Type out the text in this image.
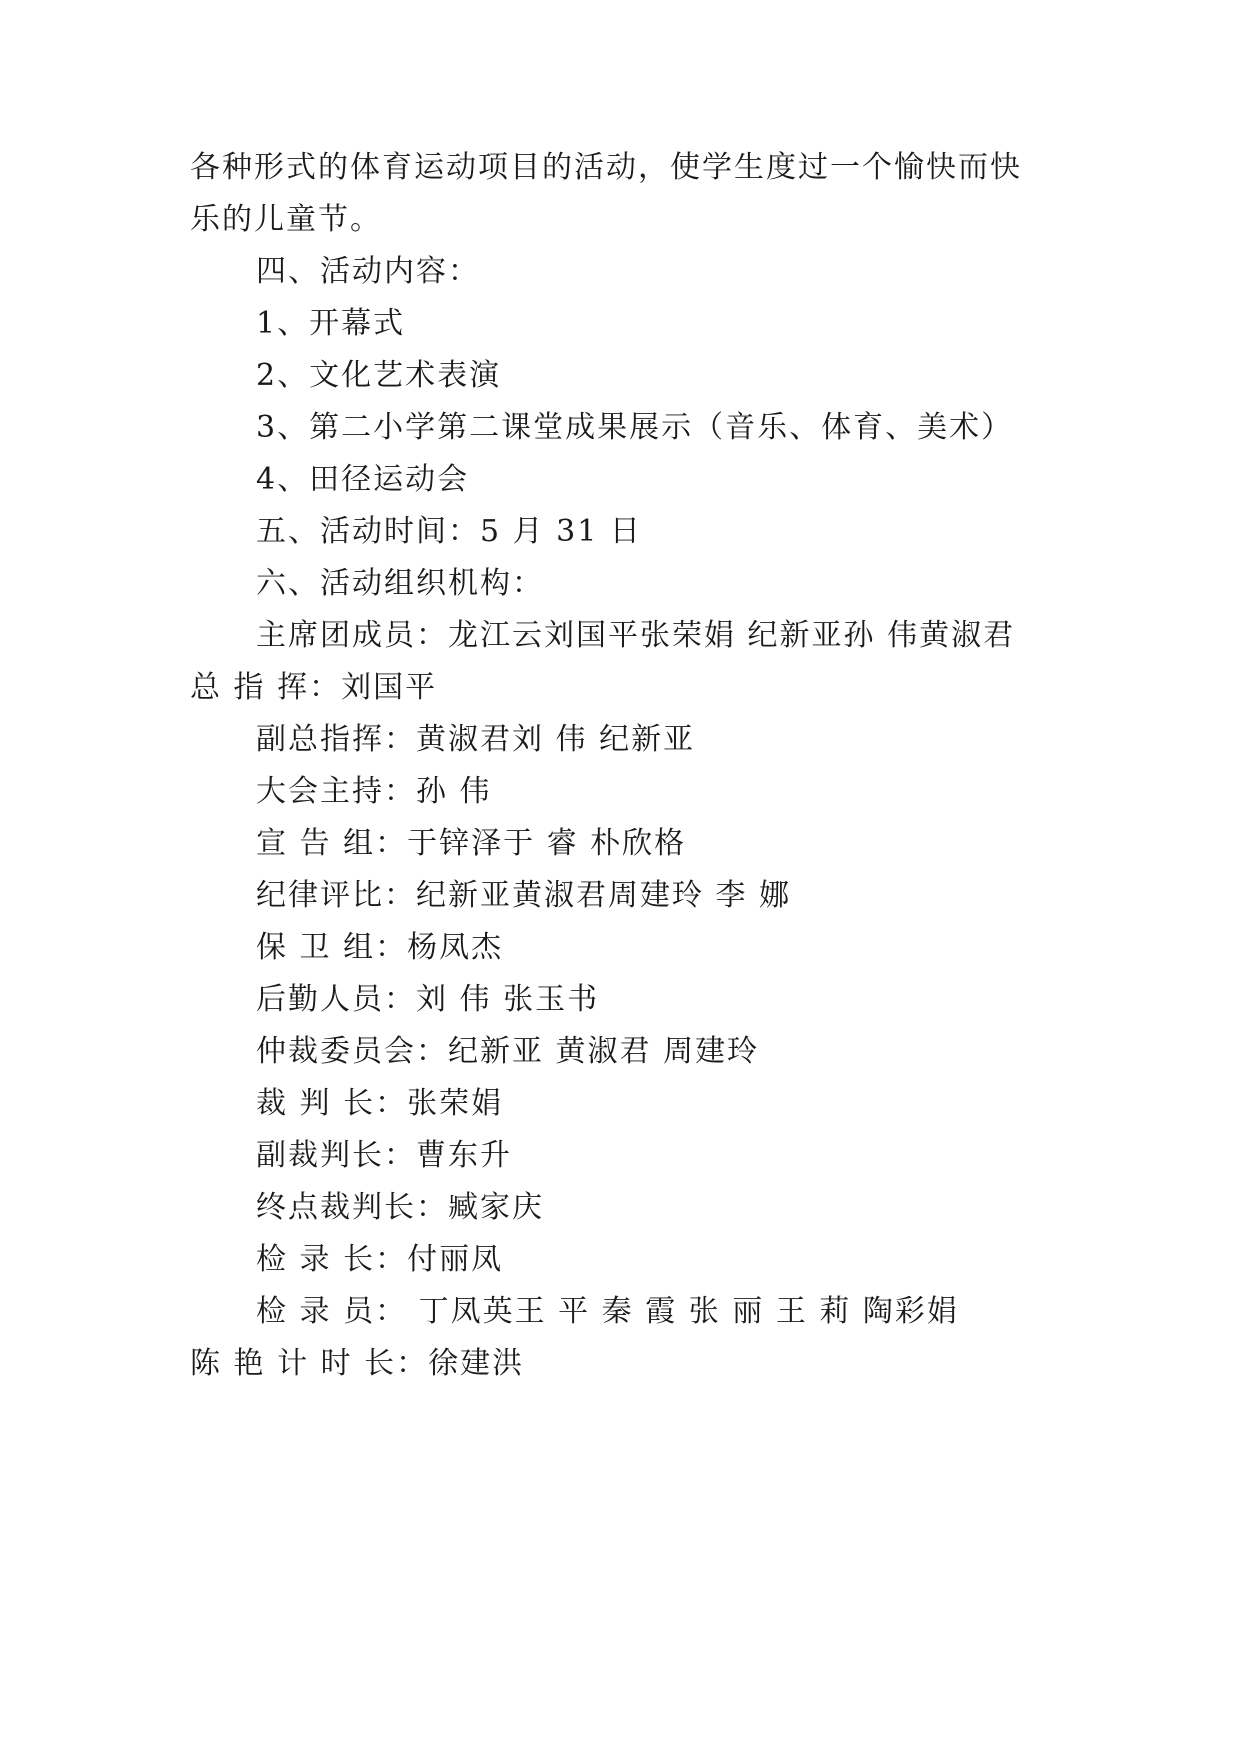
各种形式的体育运动项目的活动，使学生度过一个愉快而快
乐的儿童节。
四、活动内容：
1、开幕式
2、文化艺术表演
3、第二小学第二课堂成果展示（音乐、体育、美术）
4、田径运动会
五、活动时间：5 月 31 日
六、活动组织机构：
主席团成员：龙江云刘国平张荣娟 纪新亚孙 伟黄淑君
总 指 挥：刘国平
副总指挥：黄淑君刘 伟 纪新亚
大会主持：孙 伟
宣 告 组：于锌泽于 睿 朴欣格
纪律评比：纪新亚黄淑君周建玲 李 娜
保 卫 组：杨凤杰
后勤人员：刘 伟 张玉书
仲裁委员会：纪新亚 黄淑君 周建玲
裁 判 长：张荣娟
副裁判长：曹东升
终点裁判长：臧家庆
检 录 长：付丽凤
检 录 员： 丁凤英王 平 秦 霞 张 丽 王 莉 陶彩娟
陈 艳 计 时 长：徐建洪
